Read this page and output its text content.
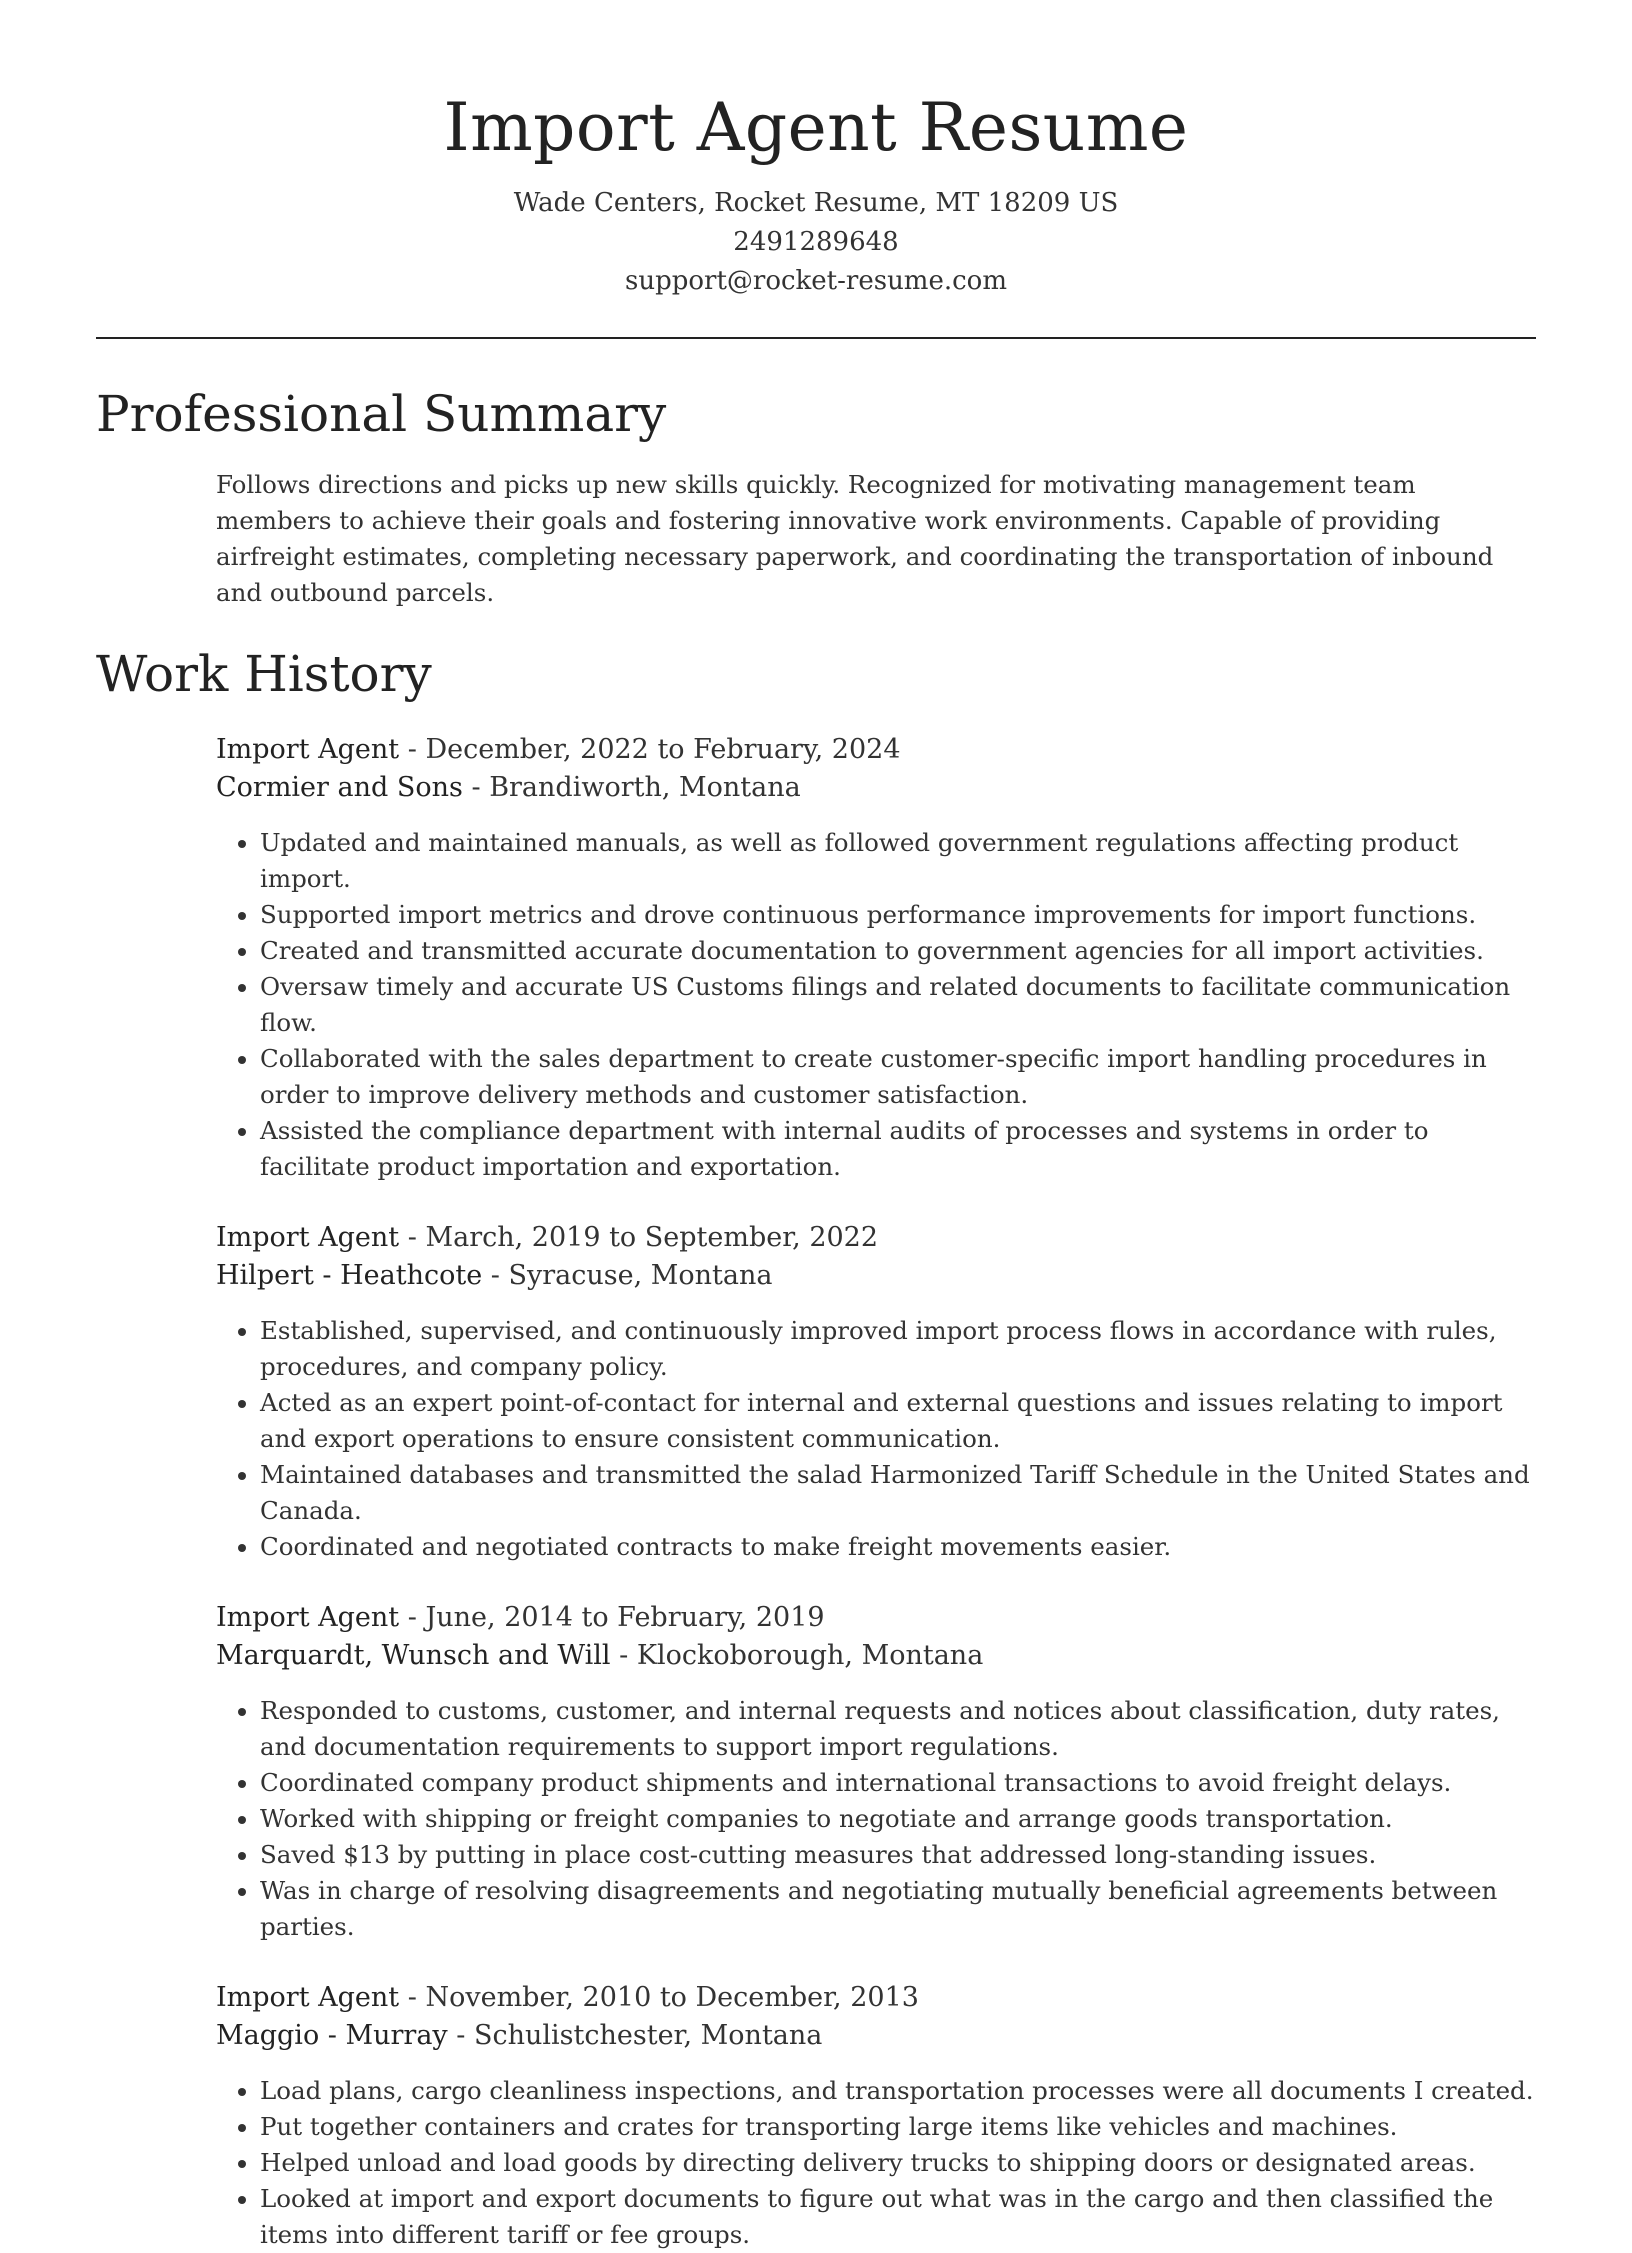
Import Agent Resume
Wade Centers, Rocket Resume, MT 18209 US
2491289648
support@rocket-resume.com
Professional Summary

Follows directions and picks up new skills quickly. Recognized for motivating management team members to achieve their goals and fostering innovative work environments. Capable of providing airfreight estimates, completing necessary paperwork, and coordinating the transportation of inbound and outbound parcels.

Work History
Import Agent - December, 2022 to February, 2024
Cormier and Sons - Brandiworth, Montana
• Updated and maintained manuals, as well as followed government regulations affecting product import.
• Supported import metrics and drove continuous performance improvements for import functions.
• Created and transmitted accurate documentation to government agencies for all import activities.
• Oversaw timely and accurate US Customs filings and related documents to facilitate communication flow.
• Collaborated with the sales department to create customer-specific import handling procedures in order to improve delivery methods and customer satisfaction.
• Assisted the compliance department with internal audits of processes and systems in order to facilitate product importation and exportation.
Import Agent - March, 2019 to September, 2022
Hilpert - Heathcote - Syracuse, Montana
• Established, supervised, and continuously improved import process flows in accordance with rules, procedures, and company policy.
• Acted as an expert point-of-contact for internal and external questions and issues relating to import and export operations to ensure consistent communication.
• Maintained databases and transmitted the salad Harmonized Tariff Schedule in the United States and Canada.
• Coordinated and negotiated contracts to make freight movements easier.
Import Agent - June, 2014 to February, 2019
Marquardt, Wunsch and Will - Klockoborough, Montana
• Responded to customs, customer, and internal requests and notices about classification, duty rates, and documentation requirements to support import regulations.
• Coordinated company product shipments and international transactions to avoid freight delays.
• Worked with shipping or freight companies to negotiate and arrange goods transportation.
• Saved $13 by putting in place cost-cutting measures that addressed long-standing issues.
• Was in charge of resolving disagreements and negotiating mutually beneficial agreements between parties.
Import Agent - November, 2010 to December, 2013
Maggio - Murray - Schulistchester, Montana
• Load plans, cargo cleanliness inspections, and transportation processes were all documents I created.
• Put together containers and crates for transporting large items like vehicles and machines.
• Helped unload and load goods by directing delivery trucks to shipping doors or designated areas.
• Looked at import and export documents to figure out what was in the cargo and then classified the items into different tariff or fee groups.
